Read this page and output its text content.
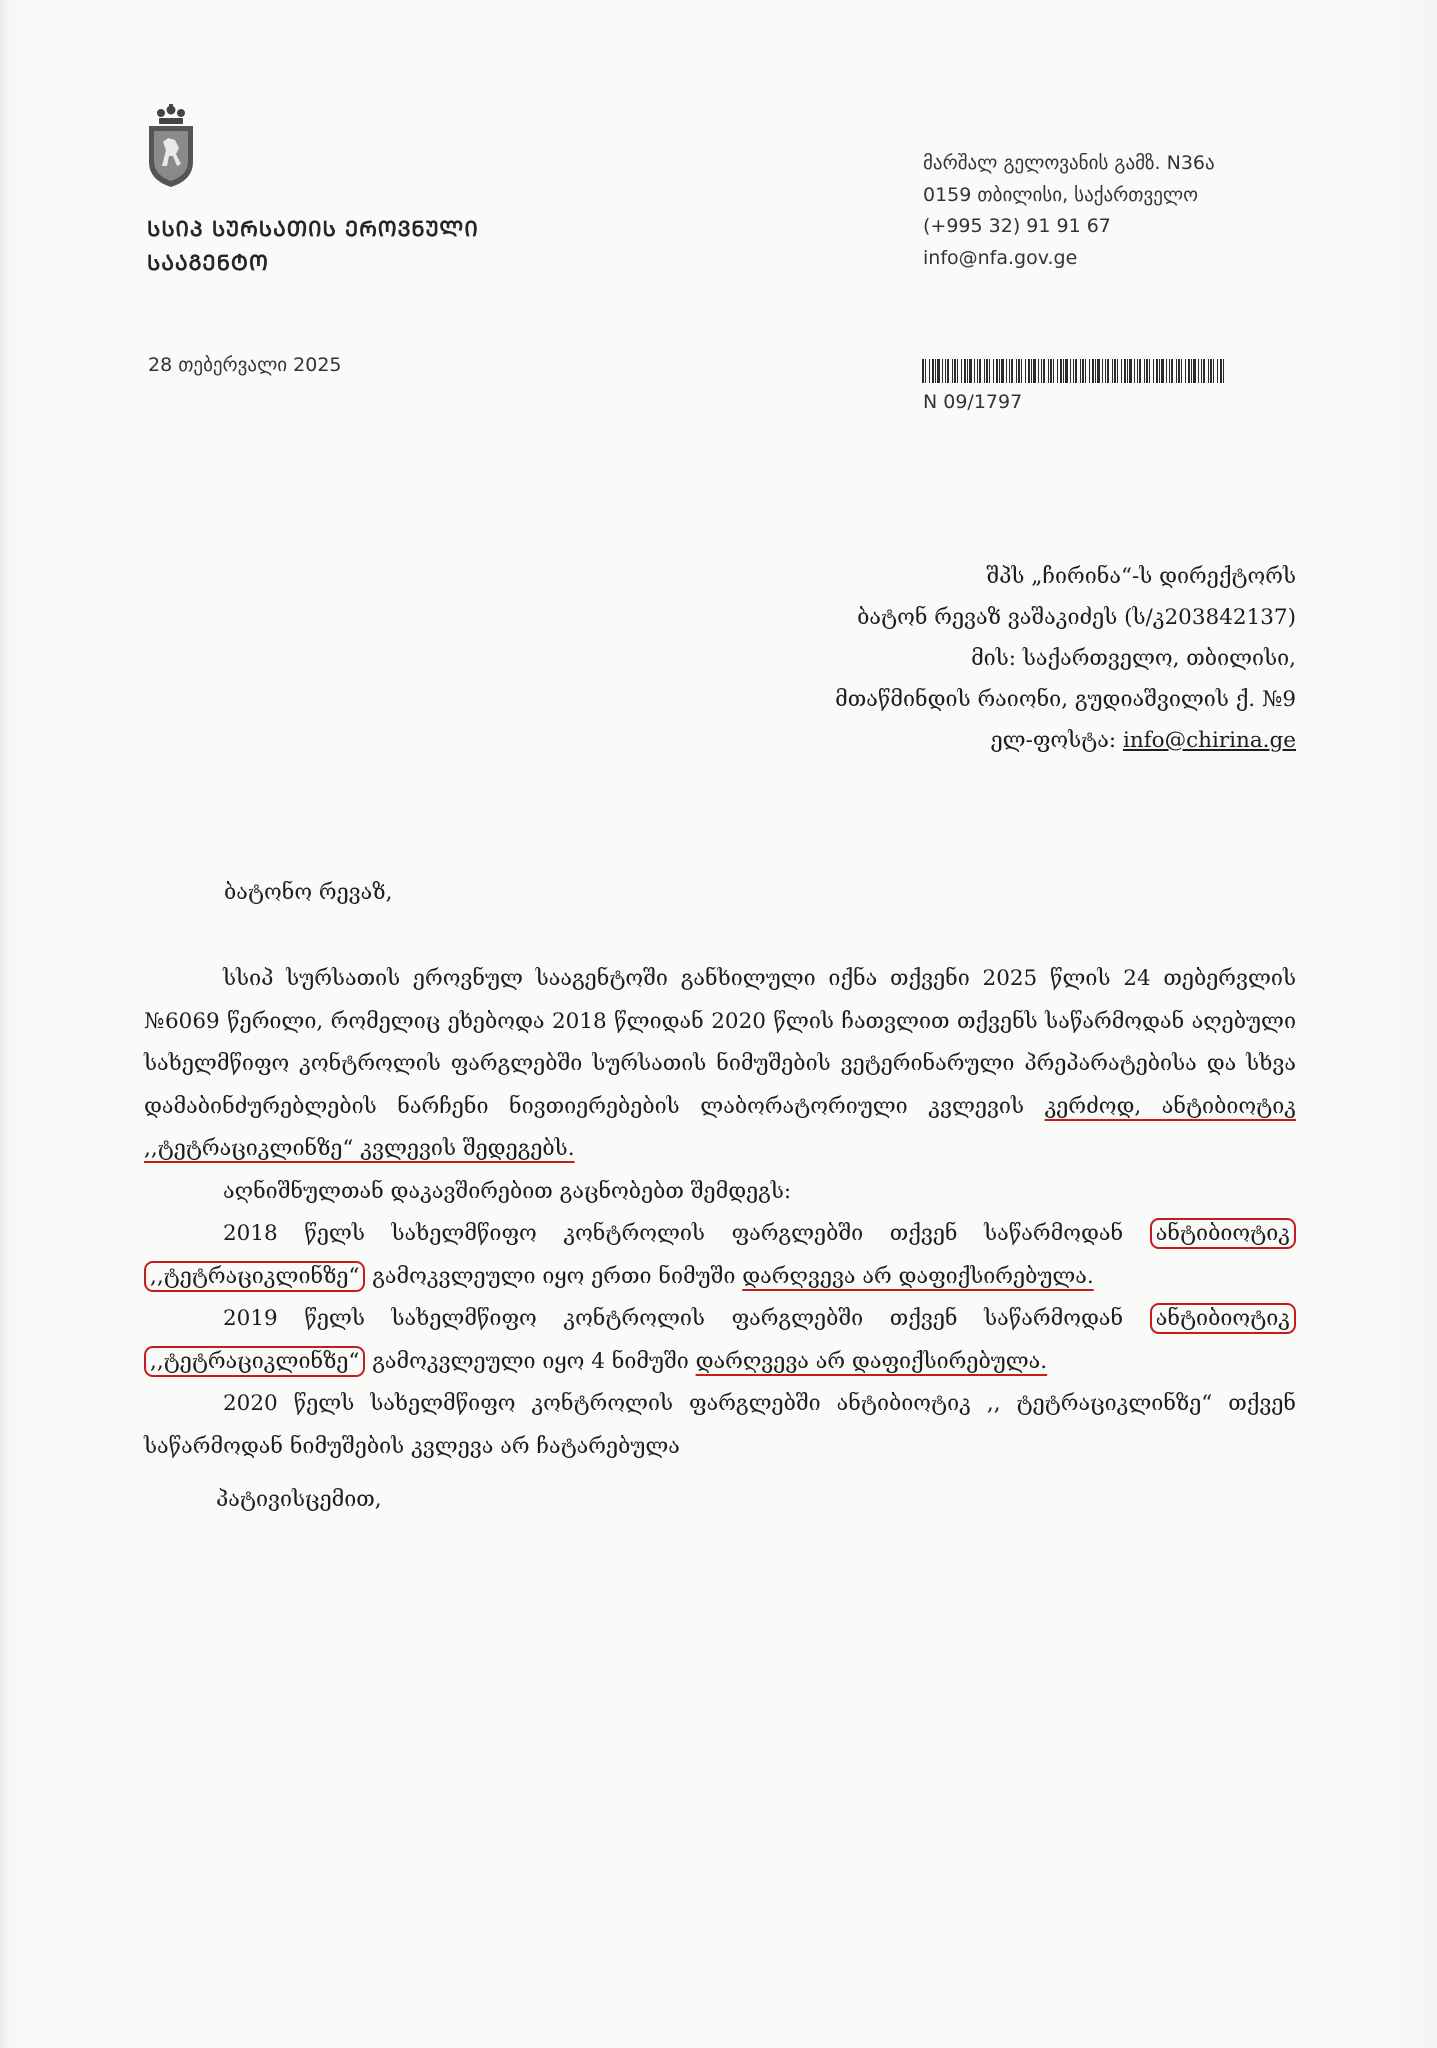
ᲡᲡᲘᲞ ᲡᲣᲠᲡᲐᲗᲘᲡ ᲔᲠᲝᲕᲜᲣᲚᲘ
ᲡᲐᲐᲒᲔᲜᲢᲝ
მარშალ გელოვანის გამზ. N36ა
0159 თბილისი, საქართველო
(+995 32) 91 91 67
info@nfa.gov.ge
28 თებერვალი 2025
N 09/1797
შპს „ჩირინა“-ს დირექტორს
ბატონ რევაზ ვაშაკიძეს (ს/კ203842137)
მის: საქართველო, თბილისი,
მთაწმინდის რაიონი, გუდიაშვილის ქ. №9
ელ-ფოსტა: info@chirina.ge
ბატონო რევაზ,

სსიპ სურსათის ეროვნულ სააგენტოში განხილული იქნა თქვენი 2025 წლის 24 თებერვლის №6069 წერილი, რომელიც ეხებოდა 2018 წლიდან 2020 წლის ჩათვლით თქვენს საწარმოდან აღებული სახელმწიფო კონტროლის ფარგლებში სურსათის ნიმუშების ვეტერინარული პრეპარატებისა და სხვა დამაბინძურებლების ნარჩენი ნივთიერებების ლაბორატორიული კვლევის კერძოდ, ანტიბიოტიკ ,,ტეტრაციკლინზე“ კვლევის შედეგებს.

აღნიშნულთან დაკავშირებით გაცნობებთ შემდეგს:

2018 წელს სახელმწიფო კონტროლის ფარგლებში თქვენ საწარმოდან ანტიბიოტიკ ,,ტეტრაციკლინზე“ გამოკვლეული იყო ერთი ნიმუში დარღვევა არ დაფიქსირებულა.

2019 წელს სახელმწიფო კონტროლის ფარგლებში თქვენ საწარმოდან ანტიბიოტიკ ,,ტეტრაციკლინზე“ გამოკვლეული იყო 4 ნიმუში დარღვევა არ დაფიქსირებულა.

2020 წელს სახელმწიფო კონტროლის ფარგლებში ანტიბიოტიკ ,, ტეტრაციკლინზე“ თქვენ საწარმოდან ნიმუშების კვლევა არ ჩატარებულა

პატივისცემით,
